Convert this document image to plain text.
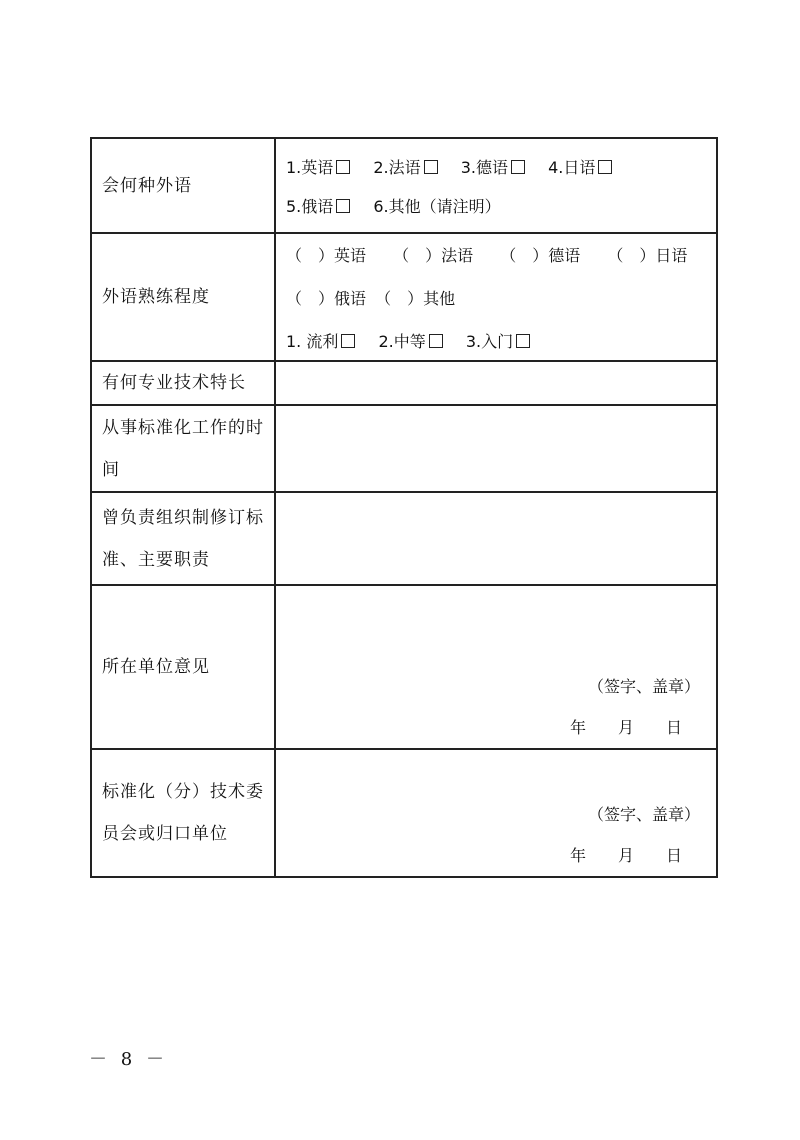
会何种外语	1.英语 2.法语 3.德语 4.日语
5.俄语 6.其他（请注明）

外语熟练程度	（　）英语 （　）法语 （　）德语 （　）日语
（　）俄语 （　）其他
1. 流利 2.中等 3.入门

有何专业技术特长	
从事标准化工作的时间	
曾负责组织制修订标准、主要职责	
所在单位意见	（签字、盖章）
年　　月　　日

标准化（分）技术委员会或归口单位	（签字、盖章）
年　　月　　日
－ 8 －
